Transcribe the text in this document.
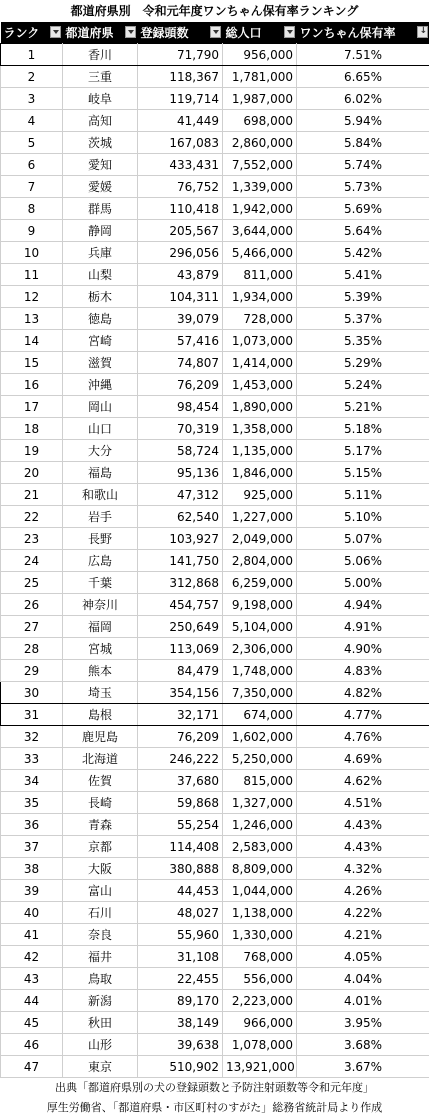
都道府県別　令和元年度ワンちゃん保有率ランキング
ランク	都道府県	登録頭数	総人口	ワンちゃん保有率
↓

1	香川	71,790	956,000	7.51%
2	三重	118,367	1,781,000	6.65%
3	岐阜	119,714	1,987,000	6.02%
4	高知	41,449	698,000	5.94%
5	茨城	167,083	2,860,000	5.84%
6	愛知	433,431	7,552,000	5.74%
7	愛媛	76,752	1,339,000	5.73%
8	群馬	110,418	1,942,000	5.69%
9	静岡	205,567	3,644,000	5.64%
10	兵庫	296,056	5,466,000	5.42%
11	山梨	43,879	811,000	5.41%
12	栃木	104,311	1,934,000	5.39%
13	徳島	39,079	728,000	5.37%
14	宮崎	57,416	1,073,000	5.35%
15	滋賀	74,807	1,414,000	5.29%
16	沖縄	76,209	1,453,000	5.24%
17	岡山	98,454	1,890,000	5.21%
18	山口	70,319	1,358,000	5.18%
19	大分	58,724	1,135,000	5.17%
20	福島	95,136	1,846,000	5.15%
21	和歌山	47,312	925,000	5.11%
22	岩手	62,540	1,227,000	5.10%
23	長野	103,927	2,049,000	5.07%
24	広島	141,750	2,804,000	5.06%
25	千葉	312,868	6,259,000	5.00%
26	神奈川	454,757	9,198,000	4.94%
27	福岡	250,649	5,104,000	4.91%
28	宮城	113,069	2,306,000	4.90%
29	熊本	84,479	1,748,000	4.83%
30	埼玉	354,156	7,350,000	4.82%
31	島根	32,171	674,000	4.77%
32	鹿児島	76,209	1,602,000	4.76%
33	北海道	246,222	5,250,000	4.69%
34	佐賀	37,680	815,000	4.62%
35	長崎	59,868	1,327,000	4.51%
36	青森	55,254	1,246,000	4.43%
37	京都	114,408	2,583,000	4.43%
38	大阪	380,888	8,809,000	4.32%
39	富山	44,453	1,044,000	4.26%
40	石川	48,027	1,138,000	4.22%
41	奈良	55,960	1,330,000	4.21%
42	福井	31,108	768,000	4.05%
43	鳥取	22,455	556,000	4.04%
44	新潟	89,170	2,223,000	4.01%
45	秋田	38,149	966,000	3.95%
46	山形	39,638	1,078,000	3.68%
47	東京	510,902	13,921,000	3.67%

出典「都道府県別の犬の登録頭数と予防注射頭数等令和元年度」

厚生労働省、「都道府県・市区町村のすがた」総務省統計局より作成
